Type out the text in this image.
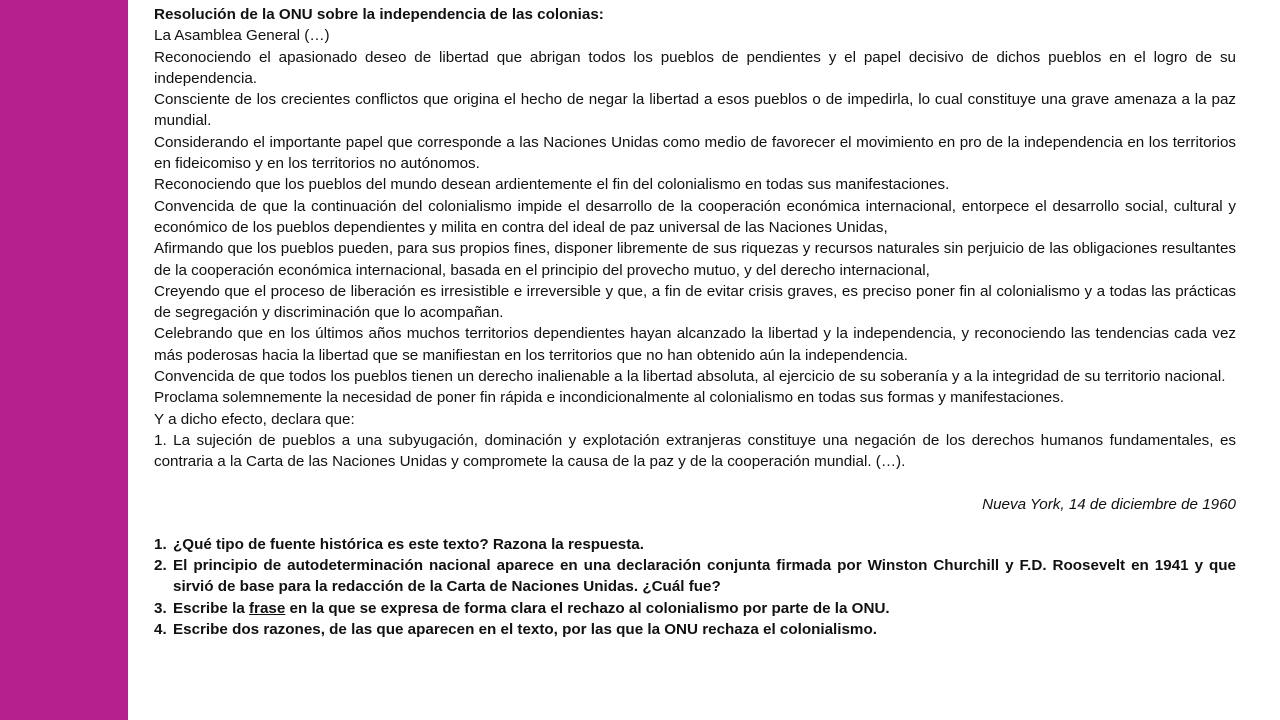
Resolución de la ONU sobre la independencia de las colonias:

La Asamblea General (…)

Reconociendo el apasionado deseo de libertad que abrigan todos los pueblos de pendientes y el papel decisivo de dichos pueblos en el logro de su independencia.

Consciente de los crecientes conflictos que origina el hecho de negar la libertad a esos pueblos o de impedirla, lo cual constituye una grave amenaza a la paz mundial.

Considerando el importante papel que corresponde a las Naciones Unidas como medio de favorecer el movimiento en pro de la independencia en los territorios en fideicomiso y en los territorios no autónomos.

Reconociendo que los pueblos del mundo desean ardientemente el fin del colonialismo en todas sus manifestaciones.

Convencida de que la continuación del colonialismo impide el desarrollo de la cooperación económica internacional, entorpece el desarrollo social, cultural y económico de los pueblos dependientes y milita en contra del ideal de paz universal de las Naciones Unidas,

Afirmando que los pueblos pueden, para sus propios fines, disponer libremente de sus riquezas y recursos naturales sin perjuicio de las obligaciones resultantes de la cooperación económica internacional, basada en el principio del provecho mutuo, y del derecho internacional,

Creyendo que el proceso de liberación es irresistible e irreversible y que, a fin de evitar crisis graves, es preciso poner fin al colonialismo y a todas las prácticas de segregación y discriminación que lo acompañan.

Celebrando que en los últimos años muchos territorios dependientes hayan alcanzado la libertad y la independencia, y reconociendo las tendencias cada vez más poderosas hacia la libertad que se manifiestan en los territorios que no han obtenido aún la independencia.

Convencida de que todos los pueblos tienen un derecho inalienable a la libertad absoluta, al ejercicio de su soberanía y a la integridad de su territorio nacional.

Proclama solemnemente la necesidad de poner fin rápida e incondicionalmente al colonialismo en todas sus formas y manifestaciones.

Y a dicho efecto, declara que:

1. La sujeción de pueblos a una subyugación, dominación y explotación extranjeras constituye una negación de los derechos humanos fundamentales, es contraria a la Carta de las Naciones Unidas y compromete la causa de la paz y de la cooperación mundial. (…).

Nueva York, 14 de diciembre de 1960

1. ¿Qué tipo de fuente histórica es este texto? Razona la respuesta.
2. El principio de autodeterminación nacional aparece en una declaración conjunta firmada por Winston Churchill y F.D. Roosevelt en 1941 y que sirvió de base para la redacción de la Carta de Naciones Unidas. ¿Cuál fue?
3. Escribe la frase en la que se expresa de forma clara el rechazo al colonialismo por parte de la ONU.
4. Escribe dos razones, de las que aparecen en el texto, por las que la ONU rechaza el colonialismo.
